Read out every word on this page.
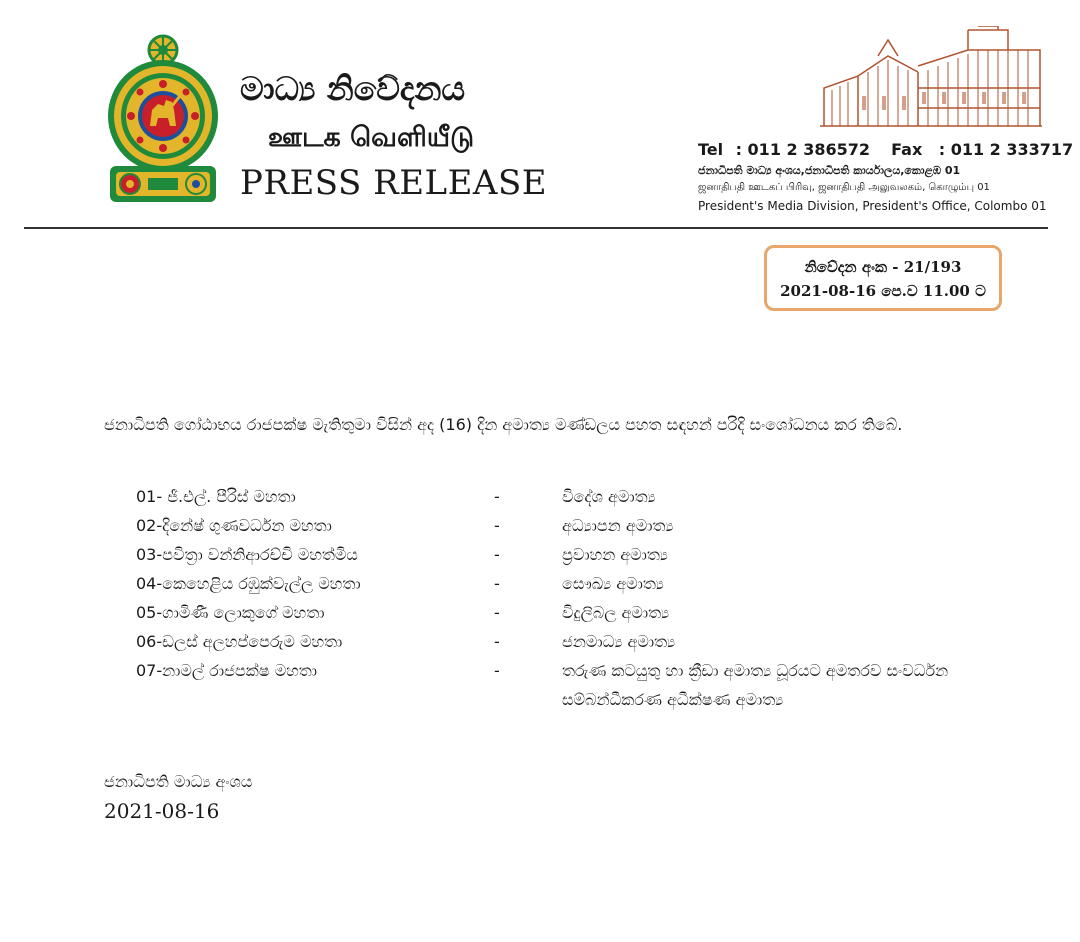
මාධ්‍ය නිවේදනය
ஊடக வெளியீடு
PRESS RELEASE
Tel : 011 2 386572 Fax : 011 2 333717
ජනාධිපති මාධ්‍ය අංශය,ජනාධිපති කාර්යාලය,කොළඹ 01
ஜனாதிபதி ஊடகப் பிரிவு, ஜனாதிபதி அலுவலகம், கொழும்பு 01
President's Media Division, President's Office, Colombo 01
නිවේදන අංක - 21/193
2021-08-16 පෙ.ව 11.00 ට
ජනාධිපති ගෝඨාභය රාජපක්ෂ මැතිතුමා විසින් අද (16) දින අමාත්‍ය මණ්ඩලය පහත සඳහන් පරිදි සංශෝධනය කර තිබේ.
01- ජී.එල්. පීරිස් මහතා	-	විදේශ අමාත්‍ය
02-දිනේෂ් ගුණවර්ධන මහතා	-	අධ්‍යාපන අමාත්‍ය
03-පවිත්‍රා වන්නිආරච්චි මහත්මිය	-	ප්‍රවාහන අමාත්‍ය
04-කෙහෙළිය රඹුක්වැල්ල මහතා	-	සෞඛ්‍ය අමාත්‍ය
05-ගාමිණී ලොකුගේ මහතා	-	විදුලිබල අමාත්‍ය
06-ඩලස් අලහප්පෙරුම මහතා	-	ජනමාධ්‍ය අමාත්‍ය
07-නාමල් රාජපක්ෂ මහතා	-	තරුණ කටයුතු හා ක්‍රීඩා අමාත්‍ය ධූරයට අමතරව සංවර්ධන සම්බන්ධීකරණ අධීක්ෂණ අමාත්‍ය
ජනාධිපති මාධ්‍ය අංශය
2021-08-16
